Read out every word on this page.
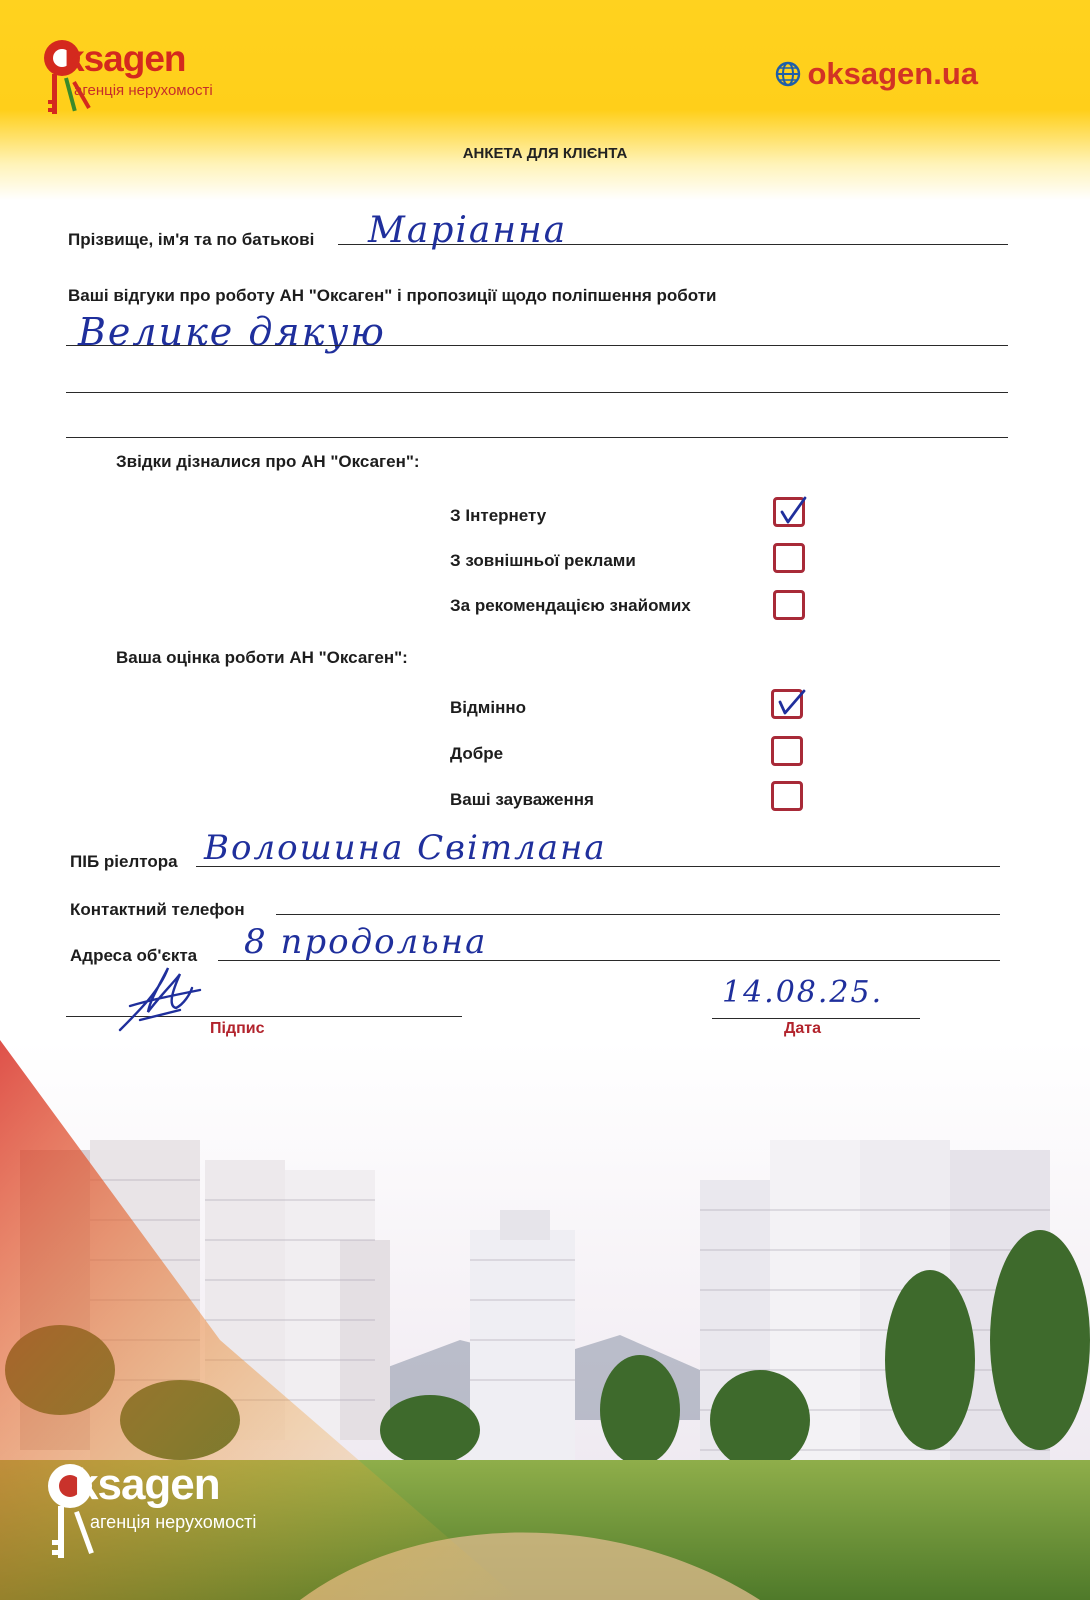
ksagen
агенція нерухомості	oksagen.ua
АНКЕТА ДЛЯ КЛІЄНТА
Прізвище, ім'я та по батькові Маріанна
Ваші відгуки про роботу АН "Оксаген" і пропозиції щодо поліпшення роботи
Велике дякую
Звідки дізналися про АН "Оксаген":
З Інтернету
З зовнішньої реклами
За рекомендацією знайомих
Ваша оцінка роботи АН "Оксаген":
Відмінно
Добре
Ваші зауваження
ПІБ ріелтора Волошина Світлана
Контактний телефон
Адреса об'єкта 8 продольна
Підпис
14.08.25.
Дата
ksagen
агенція нерухомості
